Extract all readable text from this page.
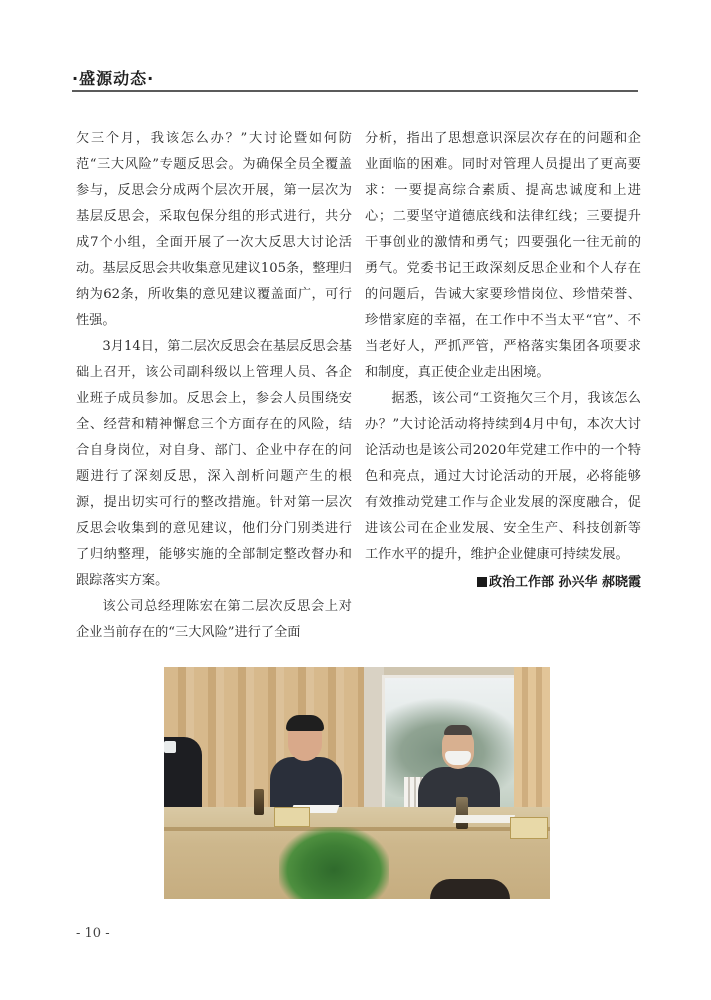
·盛源动态·

欠三个月，我该怎么办？”大讨论暨如何防范“三大风险”专题反思会。为确保全员全覆盖参与，反思会分成两个层次开展，第一层次为基层反思会，采取包保分组的形式进行，共分成7个小组，全面开展了一次大反思大讨论活动。基层反思会共收集意见建议105条，整理归纳为62条，所收集的意见建议覆盖面广，可行性强。

3月14日，第二层次反思会在基层反思会基础上召开，该公司副科级以上管理人员、各企业班子成员参加。反思会上，参会人员围绕安全、经营和精神懈怠三个方面存在的风险，结合自身岗位，对自身、部门、企业中存在的问题进行了深刻反思，深入剖析问题产生的根源，提出切实可行的整改措施。针对第一层次反思会收集到的意见建议，他们分门别类进行了归纳整理，能够实施的全部制定整改督办和跟踪落实方案。

该公司总经理陈宏在第二层次反思会上对企业当前存在的“三大风险”进行了全面

分析，指出了思想意识深层次存在的问题和企业面临的困难。同时对管理人员提出了更高要求：一要提高综合素质、提高忠诚度和上进心；二要坚守道德底线和法律红线；三要提升干事创业的激情和勇气；四要强化一往无前的勇气。党委书记王政深刻反思企业和个人存在的问题后，告诫大家要珍惜岗位、珍惜荣誉、珍惜家庭的幸福，在工作中不当太平“官”、不当老好人，严抓严管，严格落实集团各项要求和制度，真正使企业走出困境。

据悉，该公司“工资拖欠三个月，我该怎么办？”大讨论活动将持续到4月中旬，本次大讨论活动也是该公司2020年党建工作中的一个特色和亮点，通过大讨论活动的开展，必将能够有效推动党建工作与企业发展的深度融合，促进该公司在企业发展、安全生产、科技创新等工作水平的提升，维护企业健康可持续发展。

政治工作部 孙兴华 郝晓霞
- 10 -
